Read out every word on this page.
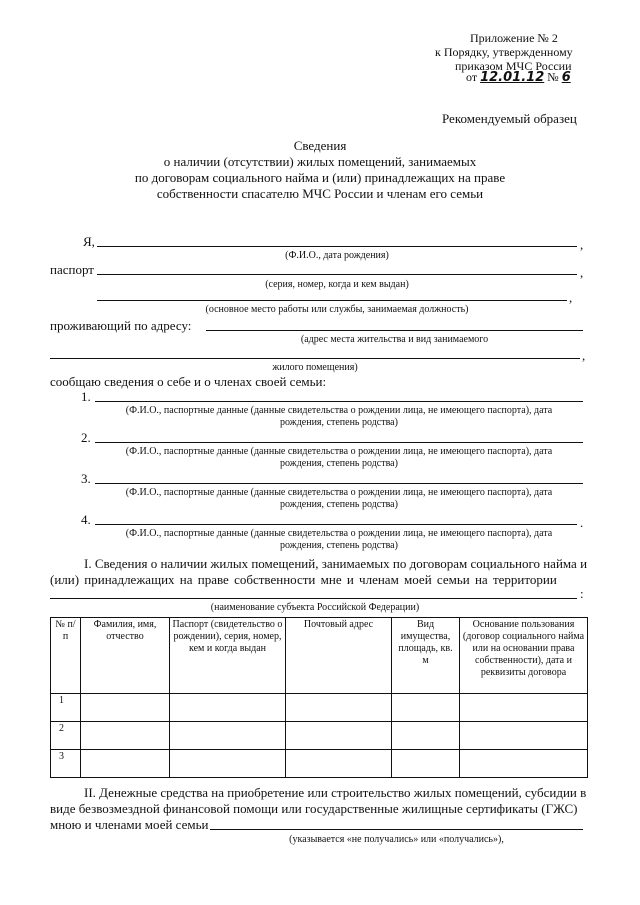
Приложение № 2
к Порядку, утвержденному
приказом МЧС России
от 12.01.12 № 6
Рекомендуемый образец
Сведения
о наличии (отсутствии) жилых помещений, занимаемых
по договорам социального найма и (или) принадлежащих на праве
собственности спасателю МЧС России и членам его семьи
Я,	,
(Ф.И.О., дата рождения)
паспорт	,
(серия, номер, когда и кем выдан)
,
(основное место работы или службы, занимаемая должность)
проживающий по адресу:
(адрес места жительства и вид занимаемого
,
жилого помещения)
сообщаю сведения о себе и о членах своей семьи:
1.
(Ф.И.О., паспортные данные (данные свидетельства о рождении лица, не имеющего паспорта), дата
рождения, степень родства)
2.
(Ф.И.О., паспортные данные (данные свидетельства о рождении лица, не имеющего паспорта), дата
рождения, степень родства)
3.
(Ф.И.О., паспортные данные (данные свидетельства о рождении лица, не имеющего паспорта), дата
рождения, степень родства)
4.	.
(Ф.И.О., паспортные данные (данные свидетельства о рождении лица, не имеющего паспорта), дата
рождения, степень родства)
I. Сведения о наличии жилых помещений, занимаемых по договорам социального найма и
(или) принадлежащих на праве собственности мне и членам моей семьи на территории
:
(наименование субъекта Российской Федерации)
№ п/п	Фамилия, имя, отчество	Паспорт (свидетельство о рождении), серия, номер, кем и когда выдан	Почтовый адрес	Вид имущества, площадь, кв. м	Основание пользования (договор социального найма или на основании права собственности), дата и реквизиты договора
1					
2					
3					
II. Денежные средства на приобретение или строительство жилых помещений, субсидии в
виде безвозмездной финансовой помощи или государственные жилищные сертификаты (ГЖС)
мною и членами моей семьи
(указывается «не получались» или «получались»),
